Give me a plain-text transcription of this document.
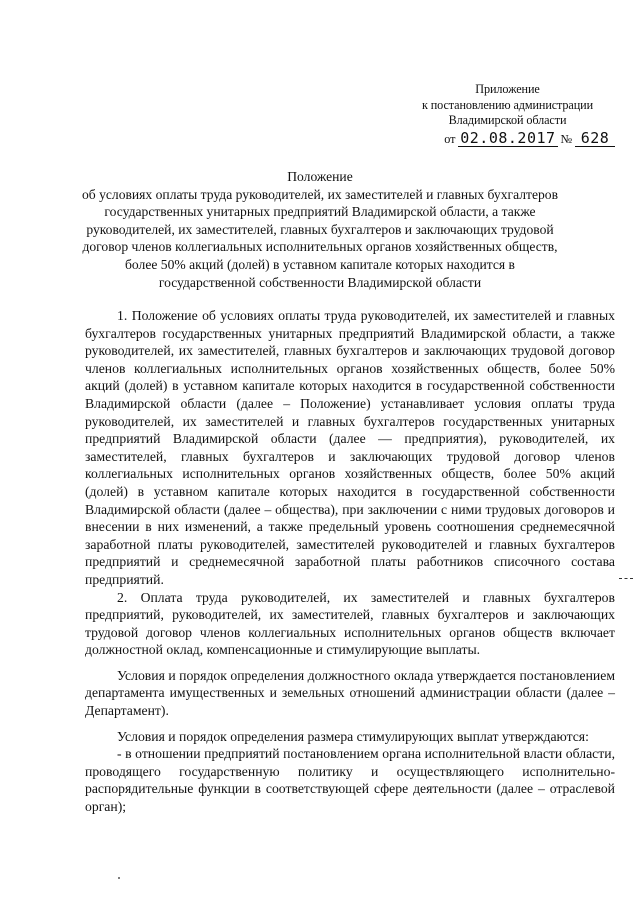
Приложение
к постановлению администрации
Владимирской области
от 02.08.2017 № 628
Положение
об условиях оплаты труда руководителей, их заместителей и главных бухгалтеров
государственных унитарных предприятий Владимирской области, а также
руководителей, их заместителей, главных бухгалтеров и заключающих трудовой
договор членов коллегиальных исполнительных органов хозяйственных обществ,
более 50% акций (долей) в уставном капитале которых находится в
государственной собственности Владимирской области

1. Положение об условиях оплаты труда руководителей, их заместителей и главных бухгалтеров государственных унитарных предприятий Владимирской области, а также руководителей, их заместителей, главных бухгалтеров и заключающих трудовой договор членов коллегиальных исполнительных органов хозяйственных обществ, более 50% акций (долей) в уставном капитале которых находится в государственной собственности Владимирской области (далее – Положение) устанавливает условия оплаты труда руководителей, их заместителей и главных бухгалтеров государственных унитарных предприятий Владимирской области (далее — предприятия), руководителей, их заместителей, главных бухгалтеров и заключающих трудовой договор членов коллегиальных исполнительных органов хозяйственных обществ, более 50% акций (долей) в уставном капитале которых находится в государственной собственности Владимирской области (далее – общества), при заключении с ними трудовых договоров и внесении в них изменений, а также предельный уровень соотношения среднемесячной заработной платы руководителей, заместителей руководителей и главных бухгалтеров предприятий и среднемесячной заработной платы работников списочного состава предприятий.

2. Оплата труда руководителей, их заместителей и главных бухгалтеров предприятий, руководителей, их заместителей, главных бухгалтеров и заключающих трудовой договор членов коллегиальных исполнительных органов обществ включает должностной оклад, компенсационные и стимулирующие выплаты.

Условия и порядок определения должностного оклада утверждается постановлением департамента имущественных и земельных отношений администрации области (далее – Департамент).

Условия и порядок определения размера стимулирующих выплат утверждаются:

- в отношении предприятий постановлением органа исполнительной власти области, проводящего государственную политику и осуществляющего исполнительно-распорядительные функции в соответствующей сфере деятельности (далее – отраслевой орган);
